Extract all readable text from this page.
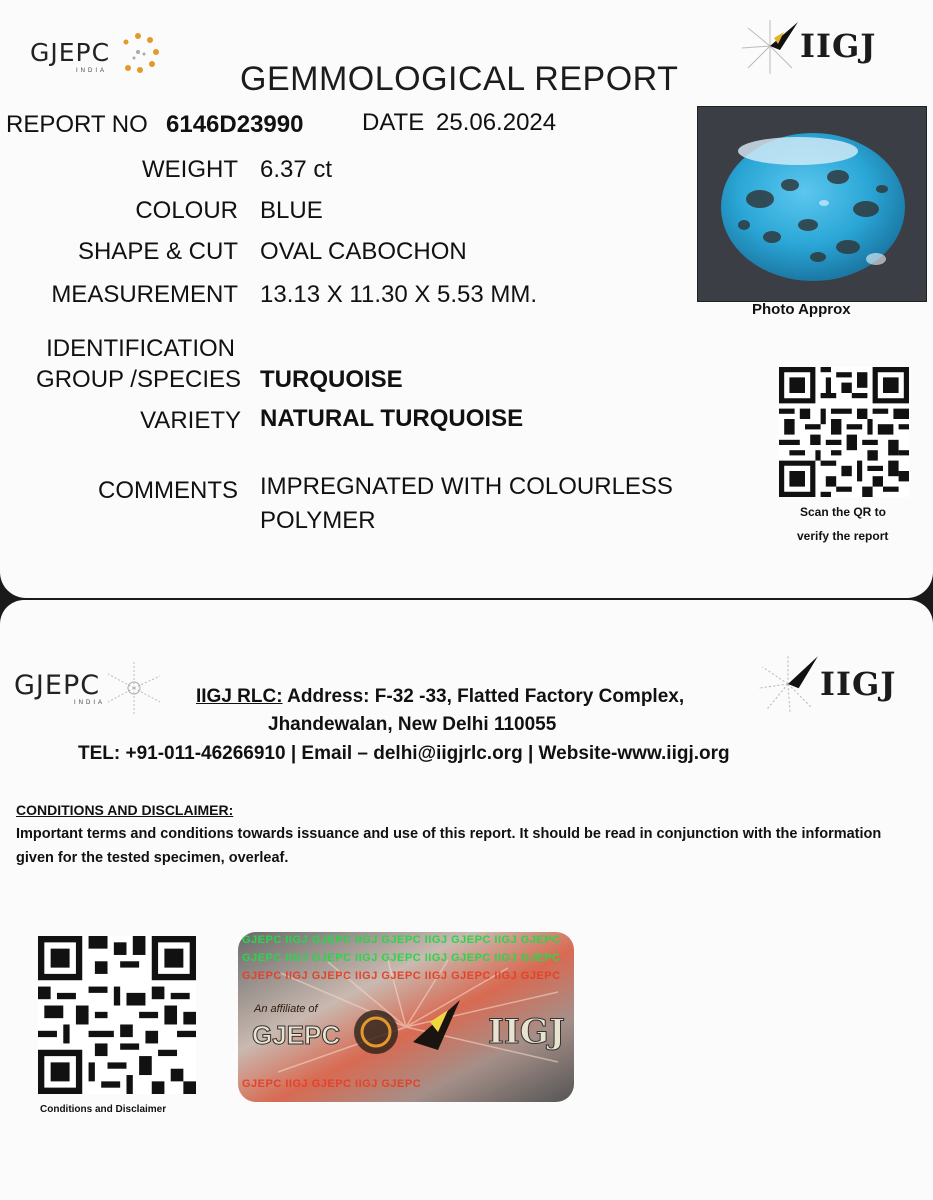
GJEPC
INDIA
IIGJ
GEMMOLOGICAL REPORT
REPORT NO 6146D23990 DATE 25.06.2024
WEIGHT 6.37 ct
COLOUR BLUE
SHAPE & CUT OVAL CABOCHON
MEASUREMENT 13.13 X 11.30 X 5.53 MM.
IDENTIFICATION
GROUP /SPECIES TURQUOISE
VARIETY NATURAL TURQUOISE
COMMENTS IMPREGNATED WITH COLOURLESS
POLYMER
Photo Approx
Scan the QR to
verify the report
GJEPC
INDIA	IIGJ
IIGJ RLC: Address: F-32 -33, Flatted Factory Complex,
Jhandewalan, New Delhi 110055
TEL: +91-011-46266910 | Email – delhi@iigjrlc.org | Website-www.iigj.org
CONDITIONS AND DISCLAIMER:
Important terms and conditions towards issuance and use of this report. It should be read in conjunction with the information given for the tested specimen, overleaf.
Conditions and Disclaimer
GJEPC IIGJ GJEPC IIGJ GJEPC IIGJ GJEPC IIGJ GJEPC
GJEPC IIGJ GJEPC IIGJ GJEPC IIGJ GJEPC IIGJ GJEPC
GJEPC IIGJ GJEPC IIGJ GJEPC IIGJ GJEPC IIGJ GJEPC
An affiliate of
GJEPC	IIGJ
GJEPC IIGJ GJEPC IIGJ GJEPC
